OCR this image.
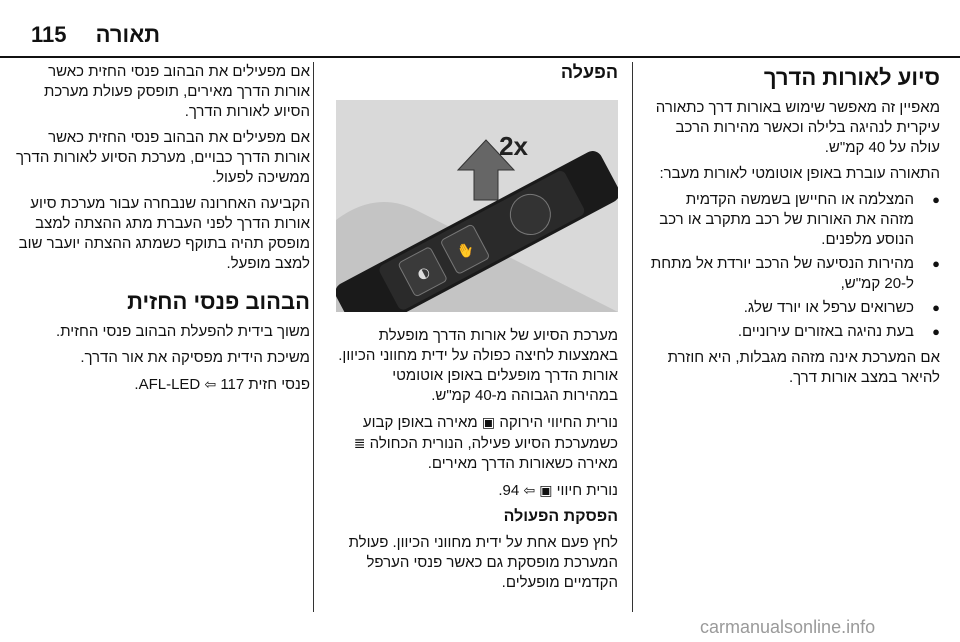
תאורה
115
סיוע לאורות הדרך

מאפיין זה מאפשר שימוש באורות דרך כתאורה עיקרית לנהיגה בלילה וכאשר מהירות הרכב עולה על 40 קמ"ש.

התאורה עוברת באופן אוטומטי לאורות מעבר:

● המצלמה או החיישן בשמשה הקדמית מזהה את האורות של רכב מתקרב או רכב הנוסע מלפנים.
● מהירות הנסיעה של הרכב יורדת אל מתחת ל-20 קמ"ש,
● כשרואים ערפל או יורד שלג.
● בעת נהיגה באזורים עירוניים.

אם המערכת אינה מזהה מגבלות, היא חוזרת להיאר במצב אורות דרך.

הפעלה
◐
✋
2x

מערכת הסיוע של אורות הדרך מופעלת באמצעות לחיצה כפולה על ידית מחווני הכיוון. אורות הדרך מופעלים באופן אוטומטי במהירות הגבוהה מ-40 קמ"ש.

נורית החיווי הירוקה ▣ מאירה באופן קבוע כשמערכת הסיוע פעילה, הנורית הכחולה ≣ מאירה כשאורות הדרך מאירים.

נורית חיווי ▣ ⇦ 94.

הפסקת הפעולה

לחץ פעם אחת על ידית מחווני הכיוון. פעולת המערכת מופסקת גם כאשר פנסי הערפל הקדמיים מופעלים.

אם מפעילים את הבהוב פנסי החזית כאשר אורות הדרך מאירים, תופסק פעולת מערכת הסיוע לאורות הדרך.

אם מפעילים את הבהוב פנסי החזית כאשר אורות הדרך כבויים, מערכת הסיוע לאורות הדרך ממשיכה לפעול.

הקביעה האחרונה שנבחרה עבור מערכת סיוע אורות הדרך לפני העברת מתג ההצתה למצב מופסק תהיה בתוקף כשמתג ההצתה יועבר שוב למצב מופעל.

הבהוב פנסי החזית

משוך בידית להפעלת הבהוב פנסי החזית.

משיכת הידית מפסיקה את אור הדרך.

פנסי חזית AFL-LED ⇦ 117.

carmanualsonline.info
